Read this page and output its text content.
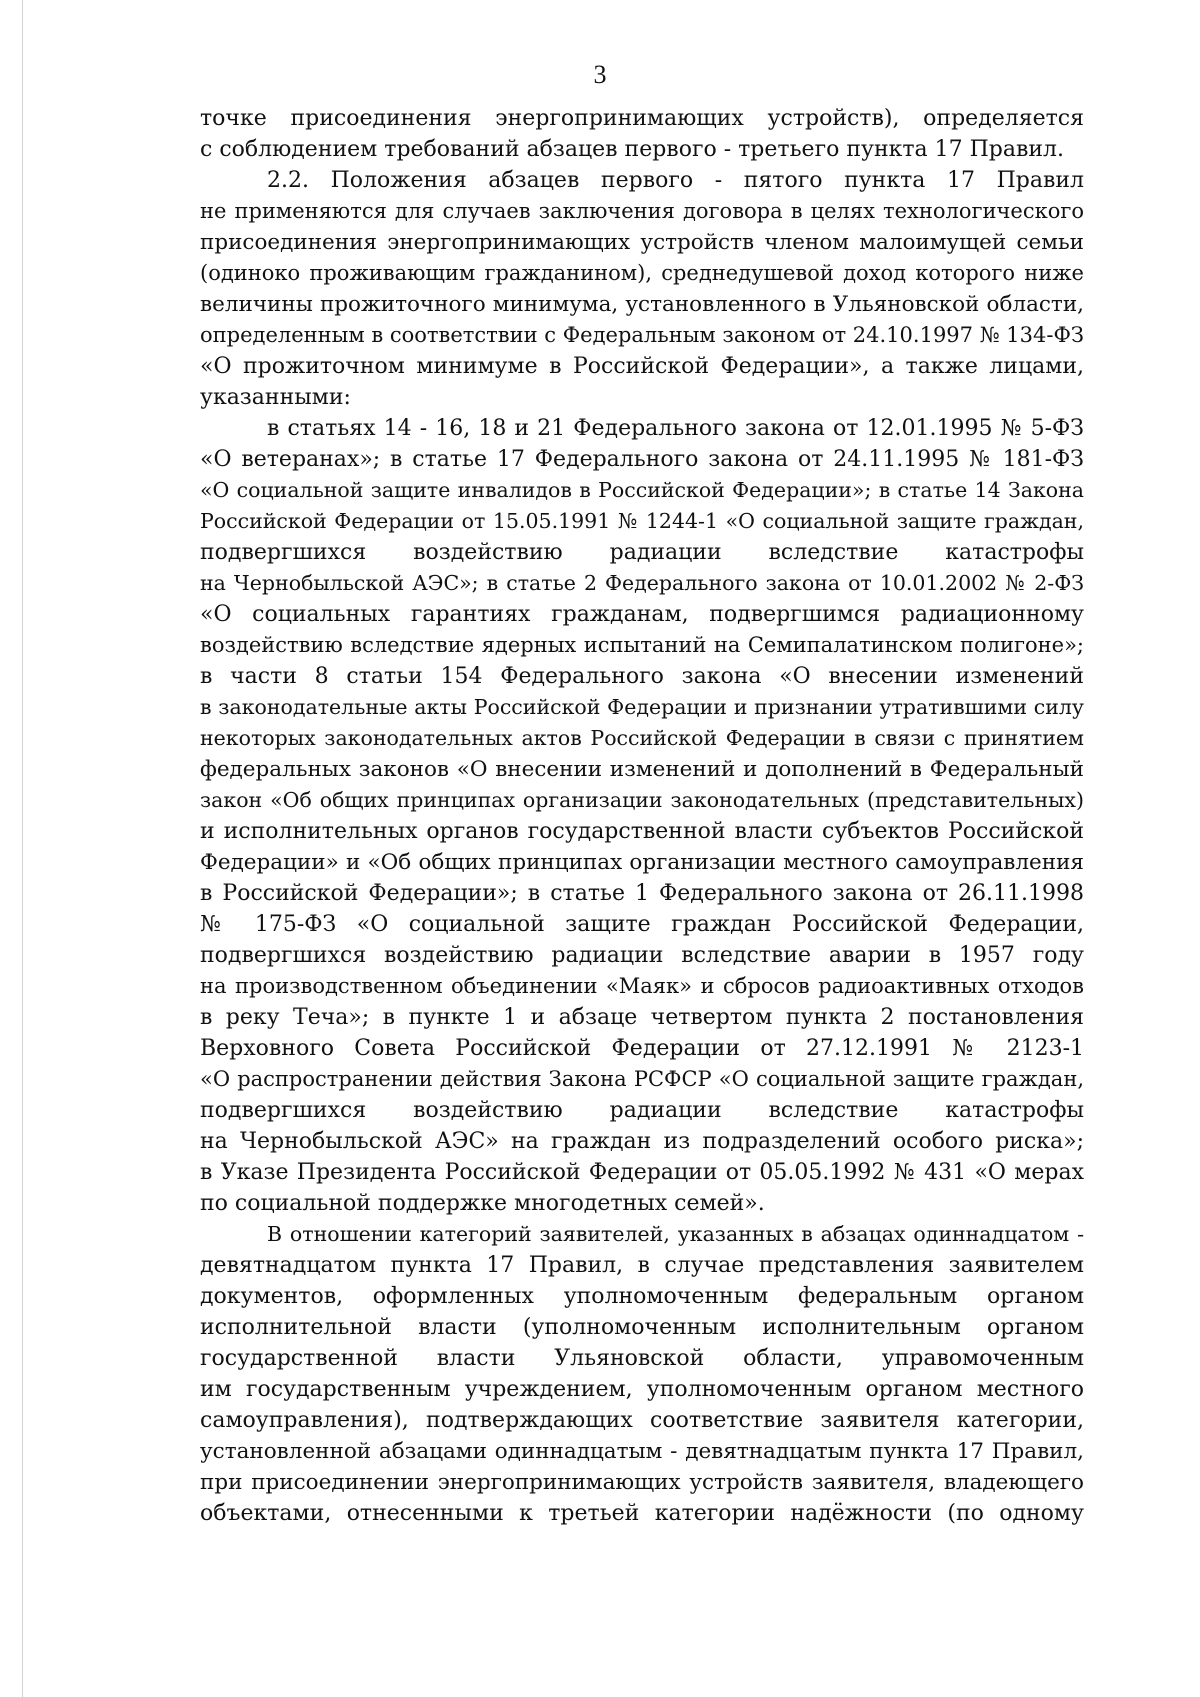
3
точке присоединения энергопринимающих устройств), определяется
с соблюдением требований абзацев первого - третьего пункта 17 Правил.
2.2. Положения абзацев первого - пятого пункта 17 Правил
не применяются для случаев заключения договора в целях технологического
присоединения энергопринимающих устройств членом малоимущей семьи
(одиноко проживающим гражданином), среднедушевой доход которого ниже
величины прожиточного минимума, установленного в Ульяновской области,
определенным в соответствии с Федеральным законом от 24.10.1997 № 134-ФЗ
«О прожиточном минимуме в Российской Федерации», а также лицами,
указанными:
в статьях 14 - 16, 18 и 21 Федерального закона от 12.01.1995 № 5-ФЗ
«О ветеранах»; в статье 17 Федерального закона от 24.11.1995 № 181-ФЗ
«О социальной защите инвалидов в Российской Федерации»; в статье 14 Закона
Российской Федерации от 15.05.1991 № 1244-1 «О социальной защите граждан,
подвергшихся воздействию радиации вследствие катастрофы
на Чернобыльской АЭС»; в статье 2 Федерального закона от 10.01.2002 № 2-ФЗ
«О социальных гарантиях гражданам, подвергшимся радиационному
воздействию вследствие ядерных испытаний на Семипалатинском полигоне»;
в части 8 статьи 154 Федерального закона «О внесении изменений
в законодательные акты Российской Федерации и признании утратившими силу
некоторых законодательных актов Российской Федерации в связи с принятием
федеральных законов «О внесении изменений и дополнений в Федеральный
закон «Об общих принципах организации законодательных (представительных)
и исполнительных органов государственной власти субъектов Российской
Федерации» и «Об общих принципах организации местного самоуправления
в Российской Федерации»; в статье 1 Федерального закона от 26.11.1998
№ 175-ФЗ «О социальной защите граждан Российской Федерации,
подвергшихся воздействию радиации вследствие аварии в 1957 году
на производственном объединении «Маяк» и сбросов радиоактивных отходов
в реку Теча»; в пункте 1 и абзаце четвертом пункта 2 постановления
Верховного Совета Российской Федерации от 27.12.1991 № 2123-1
«О распространении действия Закона РСФСР «О социальной защите граждан,
подвергшихся воздействию радиации вследствие катастрофы
на Чернобыльской АЭС» на граждан из подразделений особого риска»;
в Указе Президента Российской Федерации от 05.05.1992 № 431 «О мерах
по социальной поддержке многодетных семей».
В отношении категорий заявителей, указанных в абзацах одиннадцатом -
девятнадцатом пункта 17 Правил, в случае представления заявителем
документов, оформленных уполномоченным федеральным органом
исполнительной власти (уполномоченным исполнительным органом
государственной власти Ульяновской области, управомоченным
им государственным учреждением, уполномоченным органом местного
самоуправления), подтверждающих соответствие заявителя категории,
установленной абзацами одиннадцатым - девятнадцатым пункта 17 Правил,
при присоединении энергопринимающих устройств заявителя, владеющего
объектами, отнесенными к третьей категории надёжности (по одному
